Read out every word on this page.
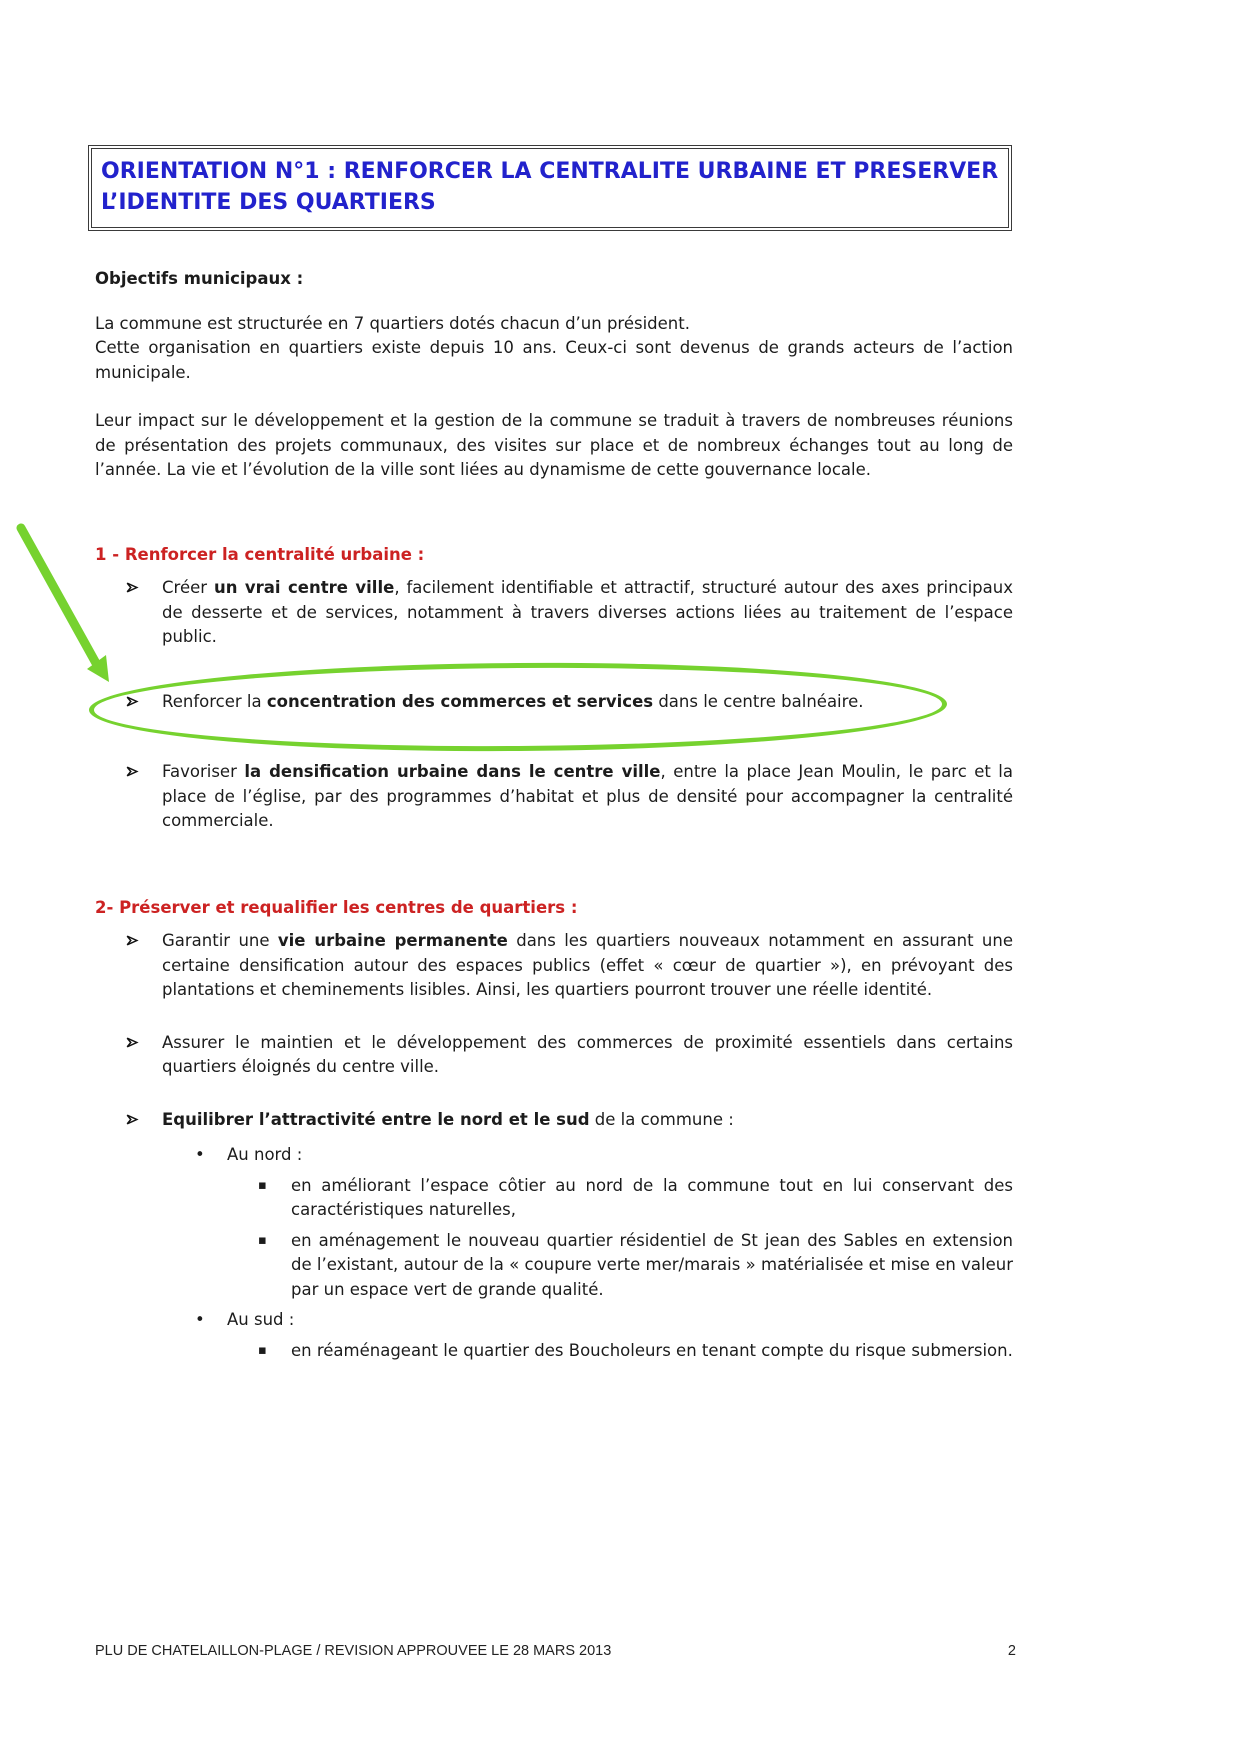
ORIENTATION N°1 : RENFORCER LA CENTRALITE URBAINE ET PRESERVER
L’IDENTITE DES QUARTIERS

Objectifs municipaux :

La commune est structurée en 7 quartiers dotés chacun d’un président.

Cette organisation en quartiers existe depuis 10 ans. Ceux-ci sont devenus de grands acteurs de l’action municipale.

Leur impact sur le développement et la gestion de la commune se traduit à travers de nombreuses réunions de présentation des projets communaux, des visites sur place et de nombreux échanges tout au long de l’année. La vie et l’évolution de la ville sont liées au dynamisme de cette gouvernance locale.

1 - Renforcer la centralité urbaine :

Créer un vrai centre ville, facilement identifiable et attractif, structuré autour des axes principaux de desserte et de services, notamment à travers diverses actions liées au traitement de l’espace public.
Renforcer la concentration des commerces et services dans le centre balnéaire.
Favoriser la densification urbaine dans le centre ville, entre la place Jean Moulin, le parc et la place de l’église, par des programmes d’habitat et plus de densité pour accompagner la centralité commerciale.

2- Préserver et requalifier les centres de quartiers :

Garantir une vie urbaine permanente dans les quartiers nouveaux notamment en assurant une certaine densification autour des espaces publics (effet « cœur de quartier »), en prévoyant des plantations et cheminements lisibles. Ainsi, les quartiers pourront trouver une réelle identité.
Assurer le maintien et le développement des commerces de proximité essentiels dans certains quartiers éloignés du centre ville.
Equilibrer l’attractivité entre le nord et le sud de la commune :
•	Au nord :
▪	en améliorant l’espace côtier au nord de la commune tout en lui conservant des caractéristiques naturelles,
▪	en aménagement le nouveau quartier résidentiel de St jean des Sables en extension de l’existant, autour de la « coupure verte mer/marais » matérialisée et mise en valeur par un espace vert de grande qualité.
•	Au sud :
▪	en réaménageant le quartier des Boucholeurs en tenant compte du risque submersion.
PLU DE CHATELAILLON-PLAGE / REVISION APPROUVEE LE 28 MARS 2013	2
